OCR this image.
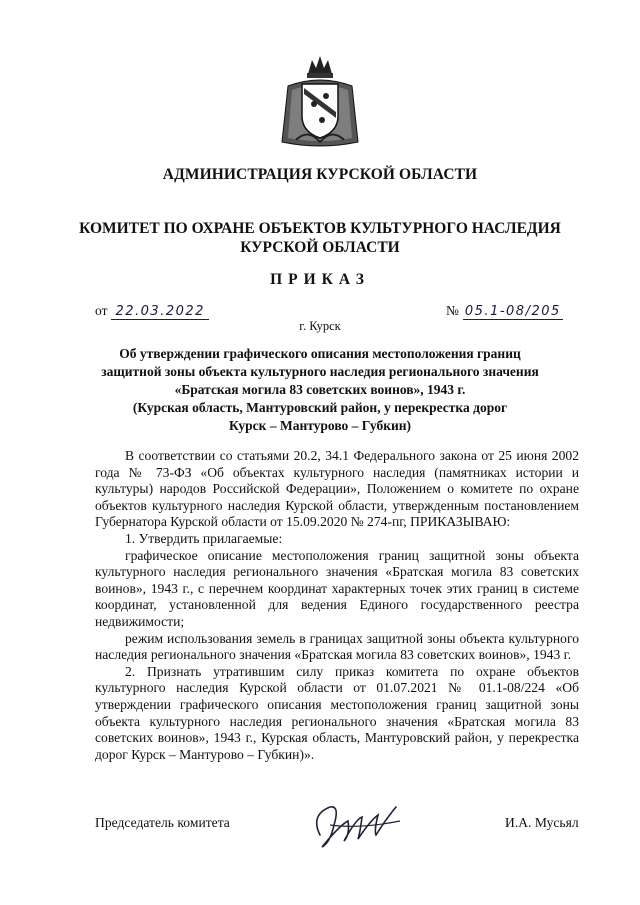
АДМИНИСТРАЦИЯ КУРСКОЙ ОБЛАСТИ
КОМИТЕТ ПО ОХРАНЕ ОБЪЕКТОВ КУЛЬТУРНОГО НАСЛЕДИЯ
КУРСКОЙ ОБЛАСТИ
ПРИКАЗ
от 22.03.2022	№ 05.1-08/205
г. Курск
Об утверждении графического описания местоположения границ
защитной зоны объекта культурного наследия регионального значения
«Братская могила 83 советских воинов», 1943 г.
(Курская область, Мантуровский район, у перекрестка дорог
Курск – Мантурово – Губкин)

В соответствии со статьями 20.2, 34.1 Федерального закона от 25 июня 2002 года № 73-ФЗ «Об объектах культурного наследия (памятниках истории и культуры) народов Российской Федерации», Положением о комитете по охране объектов культурного наследия Курской области, утвержденным постановлением Губернатора Курской области от 15.09.2020 № 274-пг, ПРИКАЗЫВАЮ:

1. Утвердить прилагаемые:

графическое описание местоположения границ защитной зоны объекта культурного наследия регионального значения «Братская могила 83 советских воинов», 1943 г., с перечнем координат характерных точек этих границ в системе координат, установленной для ведения Единого государственного реестра недвижимости;

режим использования земель в границах защитной зоны объекта культурного наследия регионального значения «Братская могила 83 советских воинов», 1943 г.

2. Признать утратившим силу приказ комитета по охране объектов культурного наследия Курской области от 01.07.2021 № 01.1-08/224 «Об утверждении графического описания местоположения границ защитной зоны объекта культурного наследия регионального значения «Братская могила 83 советских воинов», 1943 г., Курская область, Мантуровский район, у перекрестка дорог Курск – Мантурово – Губкин)».

Председатель комитета	И.А. Мусьял
